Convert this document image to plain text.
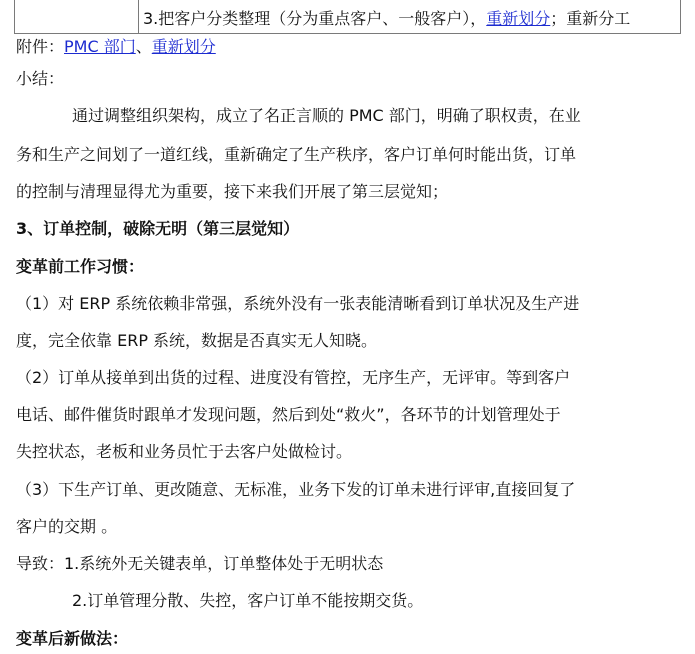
3.把客户分类整理（分为重点客户、一般客户），重新划分；重新分工
附件：PMC 部门、重新划分
小结：
通过调整组织架构，成立了名正言顺的 PMC 部门，明确了职权责，在业
务和生产之间划了一道红线，重新确定了生产秩序，客户订单何时能出货，订单
的控制与清理显得尤为重要，接下来我们开展了第三层觉知；
3、订单控制，破除无明（第三层觉知）
变革前工作习惯：
（1）对 ERP 系统依赖非常强，系统外没有一张表能清晰看到订单状况及生产进
度，完全依靠 ERP 系统，数据是否真实无人知晓。
（2）订单从接单到出货的过程、进度没有管控，无序生产，无评审。等到客户
电话、邮件催货时跟单才发现问题，然后到处“救火”，各环节的计划管理处于
失控状态，老板和业务员忙于去客户处做检讨。
（3）下生产订单、更改随意、无标准，业务下发的订单未进行评审,直接回复了
客户的交期 。
导致：1.系统外无关键表单，订单整体处于无明状态
2.订单管理分散、失控，客户订单不能按期交货。
变革后新做法：
